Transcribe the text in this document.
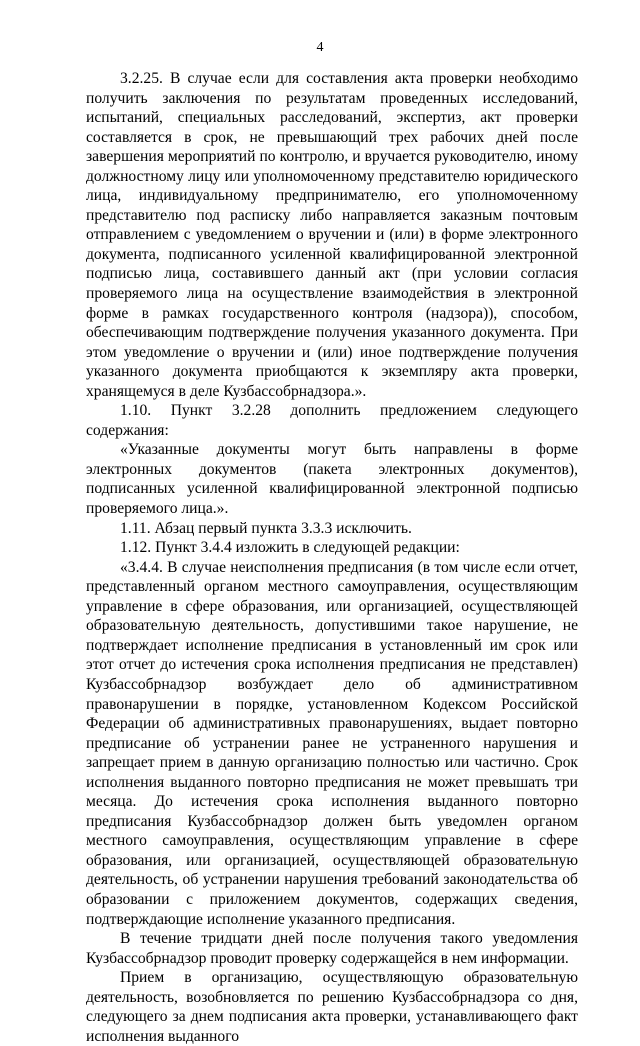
4

3.2.25. В случае если для составления акта проверки необходимо получить заключения по результатам проведенных исследований, испытаний, специальных расследований, экспертиз, акт проверки составляется в срок, не превышающий трех рабочих дней после завершения мероприятий по контролю, и вручается руководителю, иному должностному лицу или уполномоченному представителю юридического лица, индивидуальному предпринимателю, его уполномоченному представителю под расписку либо направляется заказным почтовым отправлением с уведомлением о вручении и (или) в форме электронного документа, подписанного усиленной квалифицированной электронной подписью лица, составившего данный акт (при условии согласия проверяемого лица на осуществление взаимодействия в электронной форме в рамках государственного контроля (надзора)), способом, обеспечивающим подтверждение получения указанного документа. При этом уведомление о вручении и (или) иное подтверждение получения указанного документа приобщаются к экземпляру акта проверки, хранящемуся в деле Кузбассобрнадзора.».

1.10. Пункт 3.2.28 дополнить предложением следующего содержания:

«Указанные документы могут быть направлены в форме электронных документов (пакета электронных документов), подписанных усиленной квалифицированной электронной подписью проверяемого лица.».

1.11. Абзац первый пункта 3.3.3 исключить.

1.12. Пункт 3.4.4 изложить в следующей редакции:

«3.4.4. В случае неисполнения предписания (в том числе если отчет, представленный органом местного самоуправления, осуществляющим управление в сфере образования, или организацией, осуществляющей образовательную деятельность, допустившими такое нарушение, не подтверждает исполнение предписания в установленный им срок или этот отчет до истечения срока исполнения предписания не представлен) Кузбассобрнадзор возбуждает дело об административном правонарушении в порядке, установленном Кодексом Российской Федерации об административных правонарушениях, выдает повторно предписание об устранении ранее не устраненного нарушения и запрещает прием в данную организацию полностью или частично. Срок исполнения выданного повторно предписания не может превышать три месяца. До истечения срока исполнения выданного повторно предписания Кузбассобрнадзор должен быть уведомлен органом местного самоуправления, осуществляющим управление в сфере образования, или организацией, осуществляющей образовательную деятельность, об устранении нарушения требований законодательства об образовании с приложением документов, содержащих сведения, подтверждающие исполнение указанного предписания.

В течение тридцати дней после получения такого уведомления Кузбассобрнадзор проводит проверку содержащейся в нем информации.

Прием в организацию, осуществляющую образовательную деятельность, возобновляется по решению Кузбассобрнадзора со дня, следующего за днем подписания акта проверки, устанавливающего факт исполнения выданного
